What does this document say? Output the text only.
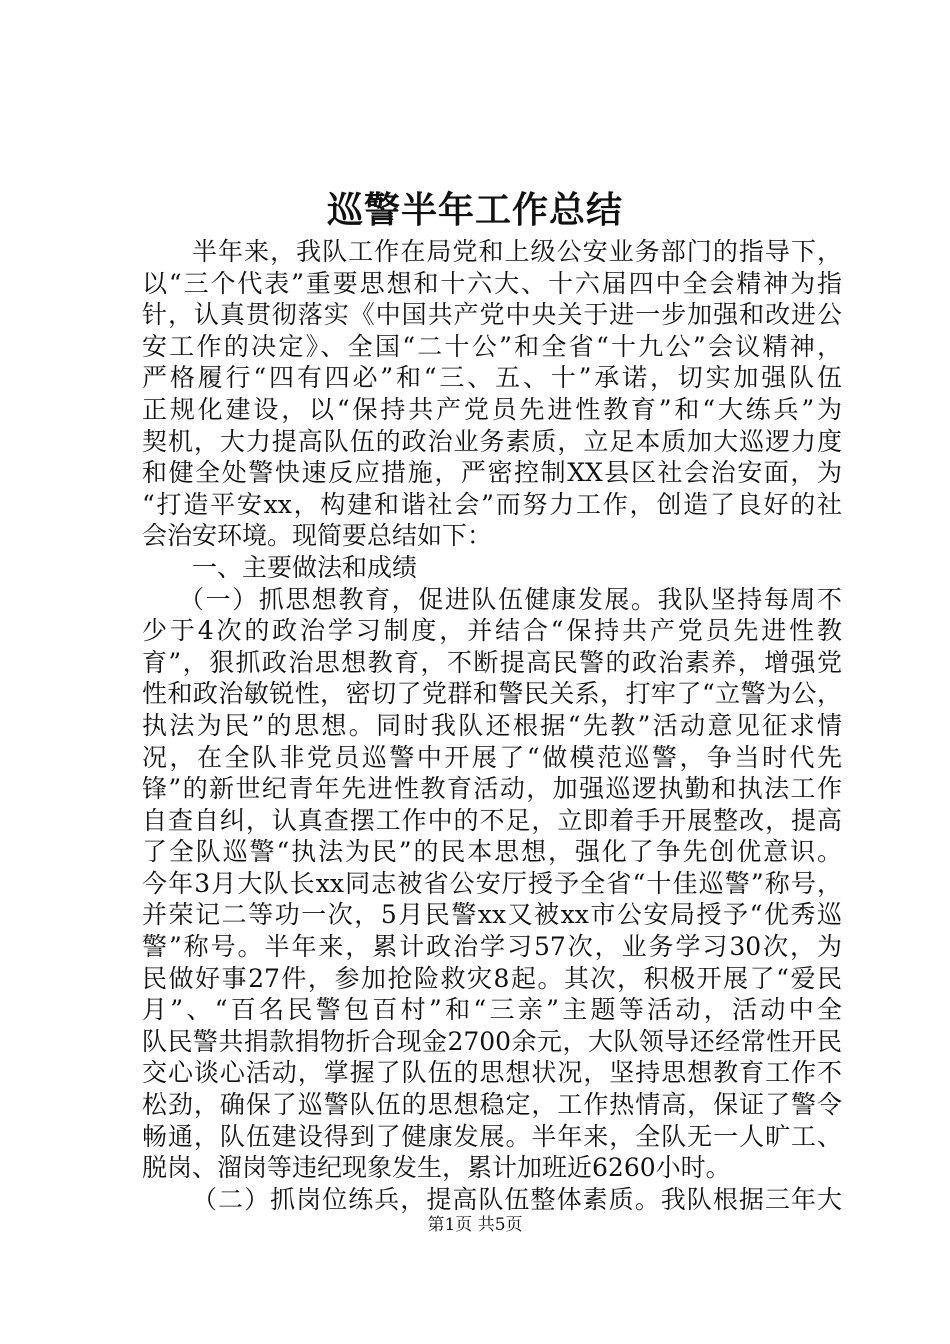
巡警半年工作总结
半年来，我队工作在局党和上级公安业务部门的指导下，
以“三个代表”重要思想和十六大、十六届四中全会精神为指
针，认真贯彻落实《中国共产党中央关于进一步加强和改进公
安工作的决定》、全国“二十公”和全省“十九公”会议精神，
严格履行“四有四必”和“三、五、十”承诺，切实加强队伍
正规化建设，以“保持共产党员先进性教育”和“大练兵”为
契机，大力提高队伍的政治业务素质，立足本质加大巡逻力度
和健全处警快速反应措施，严密控制XX县区社会治安面，为
“打造平安xx，构建和谐社会”而努力工作，创造了良好的社
会治安环境。现简要总结如下：
一、主要做法和成绩
（一）抓思想教育，促进队伍健康发展。我队坚持每周不
少于4次的政治学习制度，并结合“保持共产党员先进性教
育”，狠抓政治思想教育，不断提高民警的政治素养，增强党
性和政治敏锐性，密切了党群和警民关系，打牢了“立警为公，
执法为民”的思想。同时我队还根据“先教”活动意见征求情
况，在全队非党员巡警中开展了“做模范巡警，争当时代先
锋”的新世纪青年先进性教育活动，加强巡逻执勤和执法工作
自查自纠，认真查摆工作中的不足，立即着手开展整改，提高
了全队巡警“执法为民”的民本思想，强化了争先创优意识。
今年3月大队长xx同志被省公安厅授予全省“十佳巡警”称号，
并荣记二等功一次，5月民警xx又被xx市公安局授予“优秀巡
警”称号。半年来，累计政治学习57次，业务学习30次，为
民做好事27件，参加抢险救灾8起。其次，积极开展了“爱民
月”、“百名民警包百村”和“三亲”主题等活动，活动中全
队民警共捐款捐物折合现金2700余元，大队领导还经常性开民
交心谈心活动，掌握了队伍的思想状况，坚持思想教育工作不
松劲，确保了巡警队伍的思想稳定，工作热情高，保证了警令
畅通，队伍建设得到了健康发展。半年来，全队无一人旷工、
脱岗、溜岗等违纪现象发生，累计加班近6260小时。
（二）抓岗位练兵，提高队伍整体素质。我队根据三年大
第1页 共5页
